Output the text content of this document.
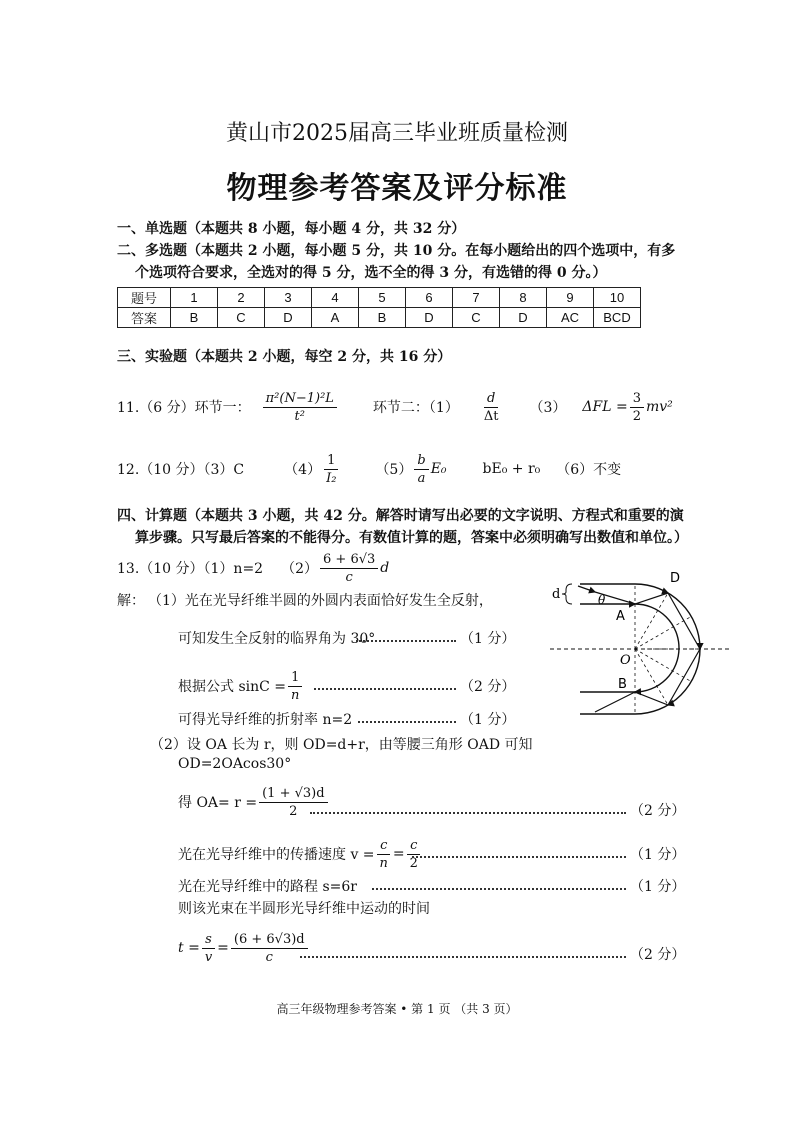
黄山市2025届高三毕业班质量检测
物理参考答案及评分标准
一、单选题（本题共 8 小题，每小题 4 分，共 32 分）
二、多选题（本题共 2 小题，每小题 5 分，共 10 分。在每小题给出的四个选项中，有多
个选项符合要求，全选对的得 5 分，选不全的得 3 分，有选错的得 0 分。）
题号	1	2	3	4	5	6	7	8	9	10
答案	B	C	D	A	B	D	C	D	AC	BCD
三、实验题（本题共 2 小题，每空 2 分，共 16 分）
11.（6 分）环节一： $\frac{\text{π²(N−1)²L}}{\text{t²}}$	环节二：$(1) \frac{d}{\Delta t} (3) \Delta FL = \frac{3}{2} mv^2$
12.（10 分）（3）C	$(4) \frac{1}{\text{I₂}}$	$(5) \frac{b}{a} E_0$	bE₀ + r₀ （6）不变
四、计算题（本题共 3 小题，共 42 分。解答时请写出必要的文字说明、方程式和重要的演
算步骤。只写最后答案的不能得分。有数值计算的题，答案中必须明确写出数值和单位。）
13.（10 分）（1）n=2 $(2) \frac{6 + 6√3}{c}$ d
解： （1）光在光导纤维半圆的外圆内表面恰好发生全反射，
可知发生全反射的临界角为 30°	（1 分）
根据公式 $\sin C = \frac{1}{n}$	（2 分）
可得光导纤维的折射率 n=2	（1 分）
（2）设 OA 长为 r，则 OD=d+r，由等腰三角形 OAD 可知
OD=2OAcos30°
得 $OA= r = \frac{(1 + √3)d}{2}$	（2 分）
光在光导纤维中的传播速度 $v = \frac{c}{n} = \frac{c}{2}$	（1 分）
光在光导纤维中的路程 s=6r	（1 分）
则该光束在半圆形光导纤维中运动的时间
$t = \frac{s}{v} = \frac{(6 + 6√3)d}{c}$	（2 分）
d	θ
A
B
O
D
高三年级物理参考答案 • 第 1 页 （共 3 页）
